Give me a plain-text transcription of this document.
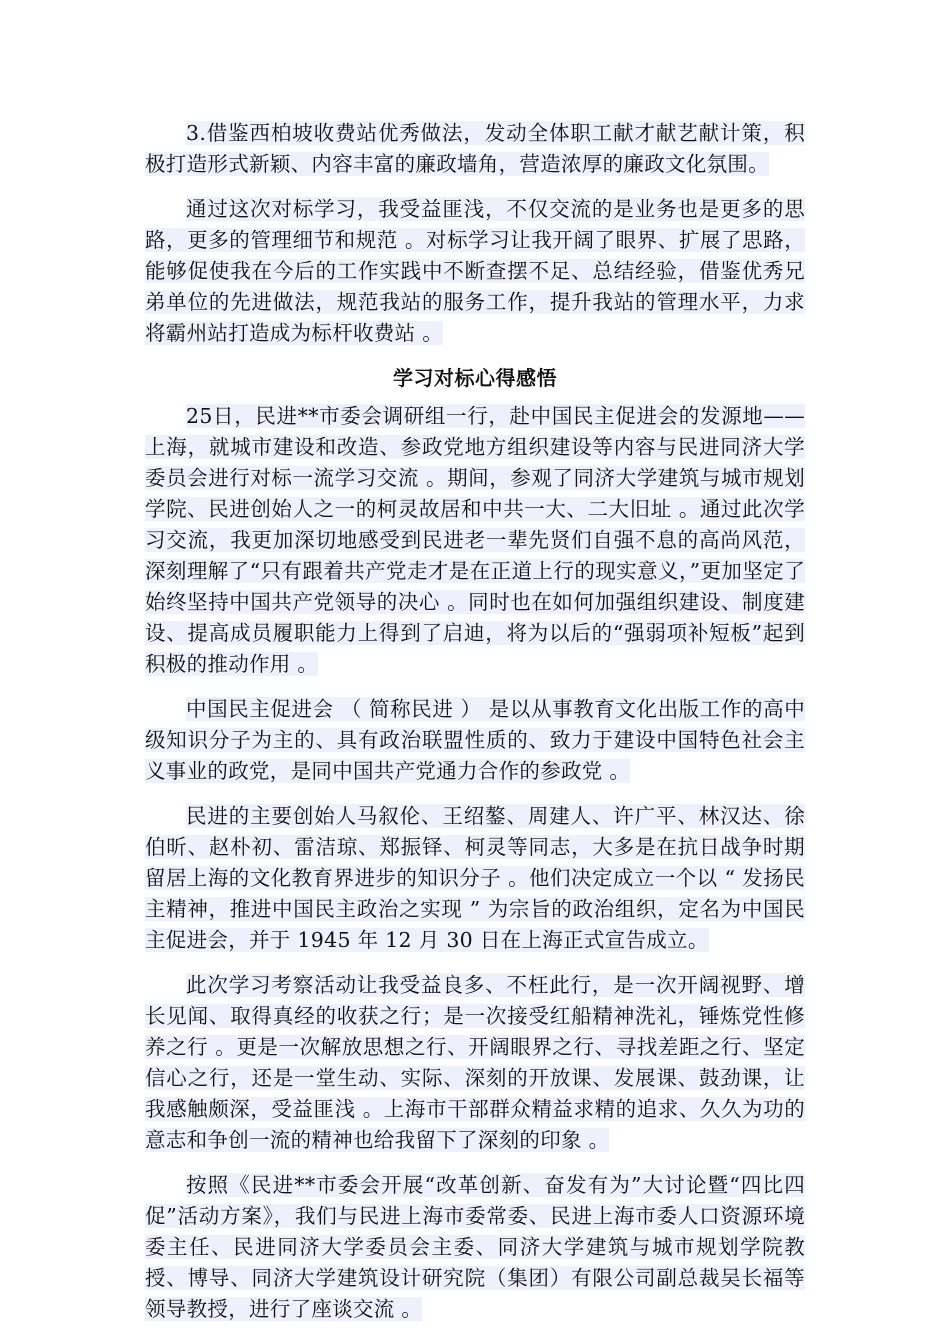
3.借鉴西柏坡收费站优秀做法，发动全体职工献才献艺献计策，积极打造形式新颖、内容丰富的廉政墙角，营造浓厚的廉政文化氛围。

通过这次对标学习，我受益匪浅，不仅交流的是业务也是更多的思路，更多的管理细节和规范 。对标学习让我开阔了眼界、扩展了思路，能够促使我在今后的工作实践中不断查摆不足、总结经验，借鉴优秀兄弟单位的先进做法，规范我站的服务工作，提升我站的管理水平，力求将霸州站打造成为标杆收费站 。

学习对标心得感悟

25日，民进**市委会调研组一行，赴中国民主促进会的发源地——上海，就城市建设和改造、参政党地方组织建设等内容与民进同济大学委员会进行对标一流学习交流 。期间，参观了同济大学建筑与城市规划学院、民进创始人之一的柯灵故居和中共一大、二大旧址 。通过此次学习交流，我更加深切地感受到民进老一辈先贤们自强不息的高尚风范，深刻理解了“只有跟着共产党走才是在正道上行的现实意义，”更加坚定了始终坚持中国共产党领导的决心 。同时也在如何加强组织建设、制度建设、提高成员履职能力上得到了启迪，将为以后的“强弱项补短板”起到积极的推动作用 。

中国民主促进会 （ 简称民进 ） 是以从事教育文化出版工作的高中级知识分子为主的、具有政治联盟性质的、致力于建设中国特色社会主义事业的政党，是同中国共产党通力合作的参政党 。

民进的主要创始人马叙伦、王绍鏊、周建人、许广平、林汉达、徐伯昕、赵朴初、雷洁琼、郑振铎、柯灵等同志，大多是在抗日战争时期留居上海的文化教育界进步的知识分子 。他们决定成立一个以 “ 发扬民主精神，推进中国民主政治之实现 ” 为宗旨的政治组织，定名为中国民主促进会，并于 1945 年 12 月 30 日在上海正式宣告成立。

此次学习考察活动让我受益良多、不枉此行，是一次开阔视野、增长见闻、取得真经的收获之行；是一次接受红船精神洗礼，锤炼党性修养之行 。更是一次解放思想之行、开阔眼界之行、寻找差距之行、坚定信心之行，还是一堂生动、实际、深刻的开放课、发展课、鼓劲课，让我感触颇深，受益匪浅 。上海市干部群众精益求精的追求、久久为功的意志和争创一流的精神也给我留下了深刻的印象 。

按照《民进**市委会开展“改革创新、奋发有为”大讨论暨“四比四促”活动方案》，我们与民进上海市委常委、民进上海市委人口资源环境委主任、民进同济大学委员会主委、同济大学建筑与城市规划学院教授、博导、同济大学建筑设计研究院（集团）有限公司副总裁吴长福等领导教授，进行了座谈交流 。
